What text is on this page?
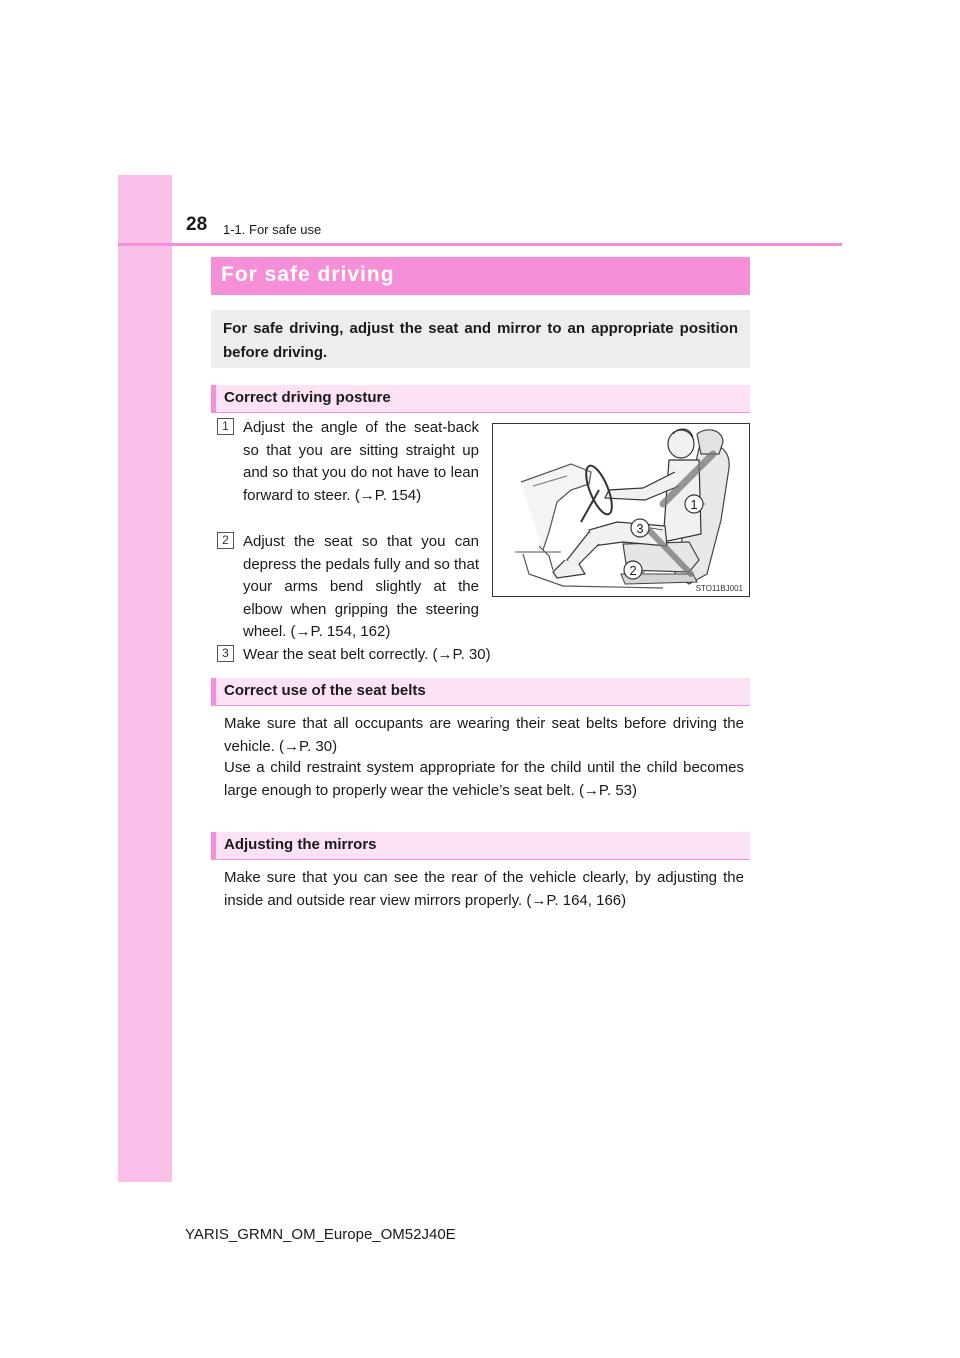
28 1-1. For safe use
For safe driving

For safe driving, adjust the seat and mirror to an appropriate position before driving.

Correct driving posture
1 Adjust the angle of the seat-back so that you are sitting straight up and so that you do not have to lean forward to steer. (→P. 154)
2 Adjust the seat so that you can depress the pedals fully and so that your arms bend slightly at the elbow when gripping the steering wheel. (→P. 154, 162)
3 Wear the seat belt correctly. (→P. 30)
1
3
2
STO11BJ001
Correct use of the seat belts
Make sure that all occupants are wearing their seat belts before driving the vehicle. (→P. 30)
Use a child restraint system appropriate for the child until the child becomes large enough to properly wear the vehicle’s seat belt. (→P. 53)
Adjusting the mirrors
Make sure that you can see the rear of the vehicle clearly, by adjusting the inside and outside rear view mirrors properly. (→P. 164, 166)
YARIS_GRMN_OM_Europe_OM52J40E
